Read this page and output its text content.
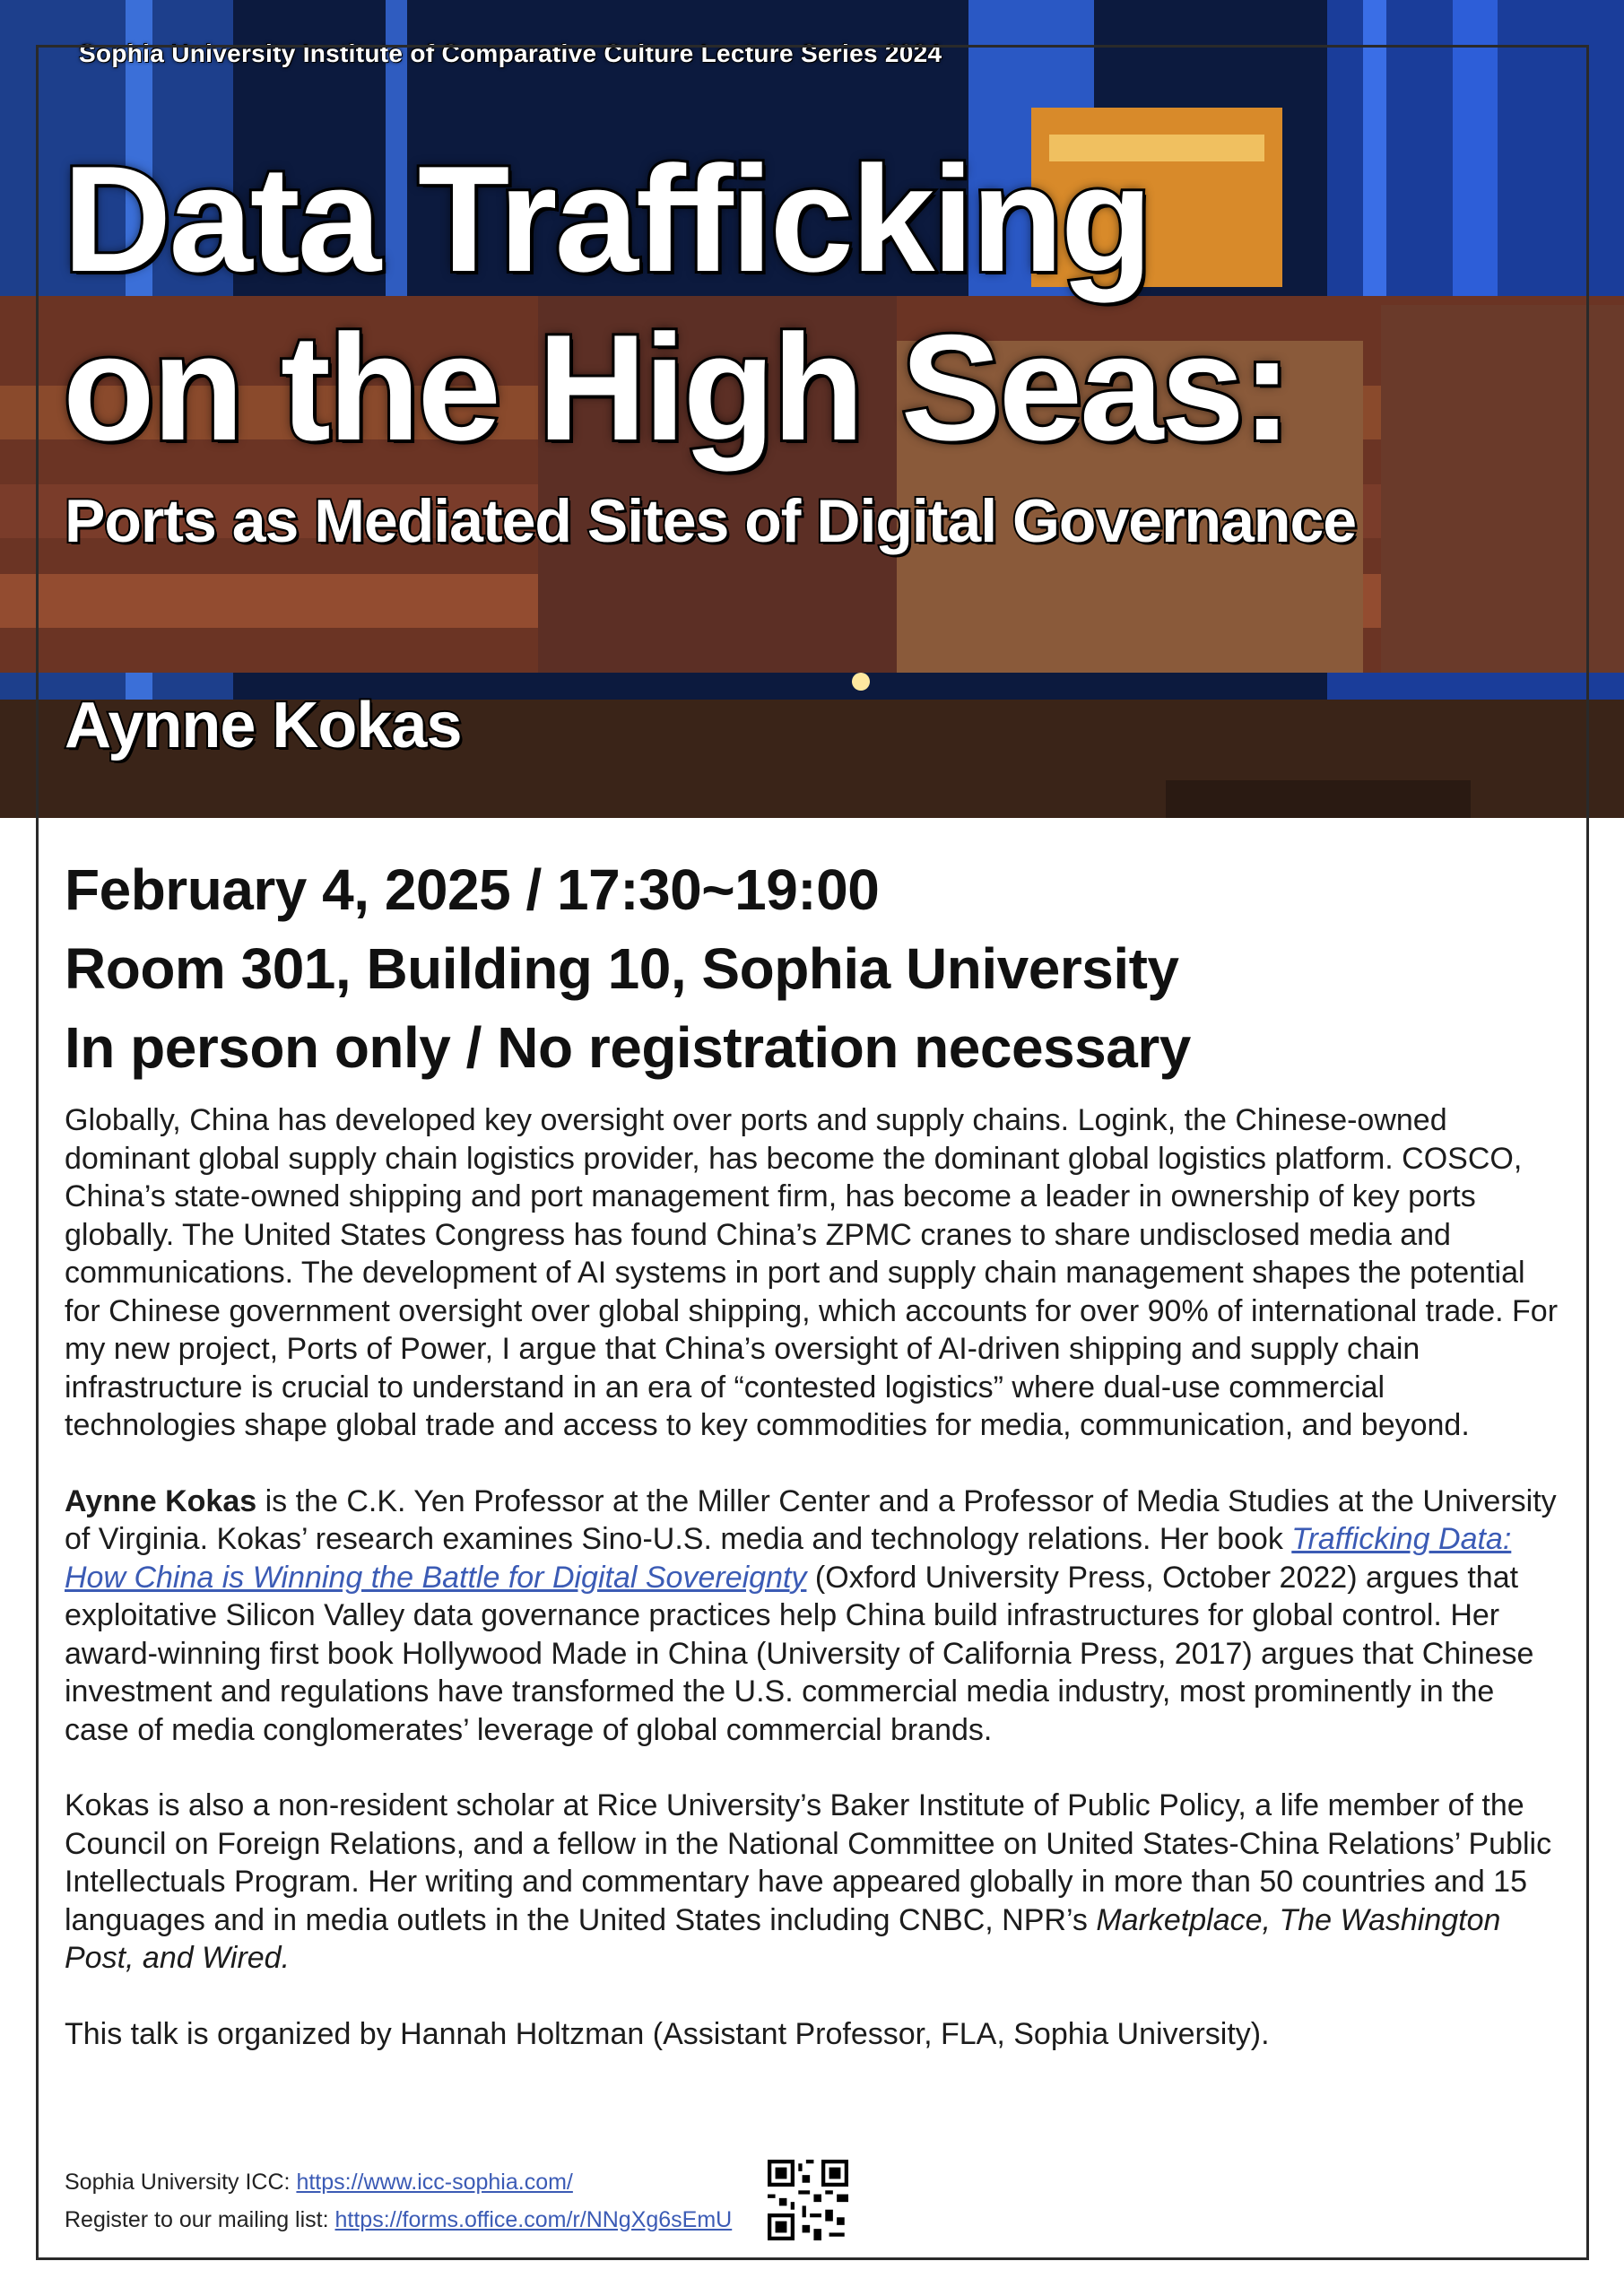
Sophia University Institute of Comparative Culture Lecture Series 2024
Data Trafficking
on the High Seas:
Ports as Mediated Sites of Digital Governance
Aynne Kokas
February 4, 2025 / 17:30~19:00
Room 301, Building 10, Sophia University
In person only / No registration necessary

Globally, China has developed key oversight over ports and supply chains. Logink, the Chinese-owned dominant global supply chain logistics provider, has become the dominant global logistics platform. COSCO, China’s state-owned shipping and port management firm, has become a leader in ownership of key ports globally. The United States Congress has found China’s ZPMC cranes to share undisclosed media and communications. The development of AI systems in port and supply chain management shapes the potential for Chinese government oversight over global shipping, which accounts for over 90% of international trade. For my new project, Ports of Power, I argue that China’s oversight of AI-driven shipping and supply chain infrastructure is crucial to understand in an era of “contested logistics” where dual-use commercial technologies shape global trade and access to key commodities for media, communication, and beyond.

Aynne Kokas is the C.K. Yen Professor at the Miller Center and a Professor of Media Studies at the University of Virginia. Kokas’ research examines Sino-U.S. media and technology relations. Her book Trafficking Data: How China is Winning the Battle for Digital Sovereignty (Oxford University Press, October 2022) argues that exploitative Silicon Valley data governance practices help China build infrastructures for global control. Her award-winning first book Hollywood Made in China (University of California Press, 2017) argues that Chinese investment and regulations have transformed the U.S. commercial media industry, most prominently in the case of media conglomerates’ leverage of global commercial brands.

Kokas is also a non-resident scholar at Rice University’s Baker Institute of Public Policy, a life member of the Council on Foreign Relations, and a fellow in the National Committee on United States-China Relations’ Public Intellectuals Program. Her writing and commentary have appeared globally in more than 50 countries and 15 languages and in media outlets in the United States including CNBC, NPR’s Marketplace, The Washington Post, and Wired.

This talk is organized by Hannah Holtzman (Assistant Professor, FLA, Sophia University).

Sophia University ICC: https://www.icc-sophia.com/
Register to our mailing list: https://forms.office.com/r/NNgXg6sEmU
